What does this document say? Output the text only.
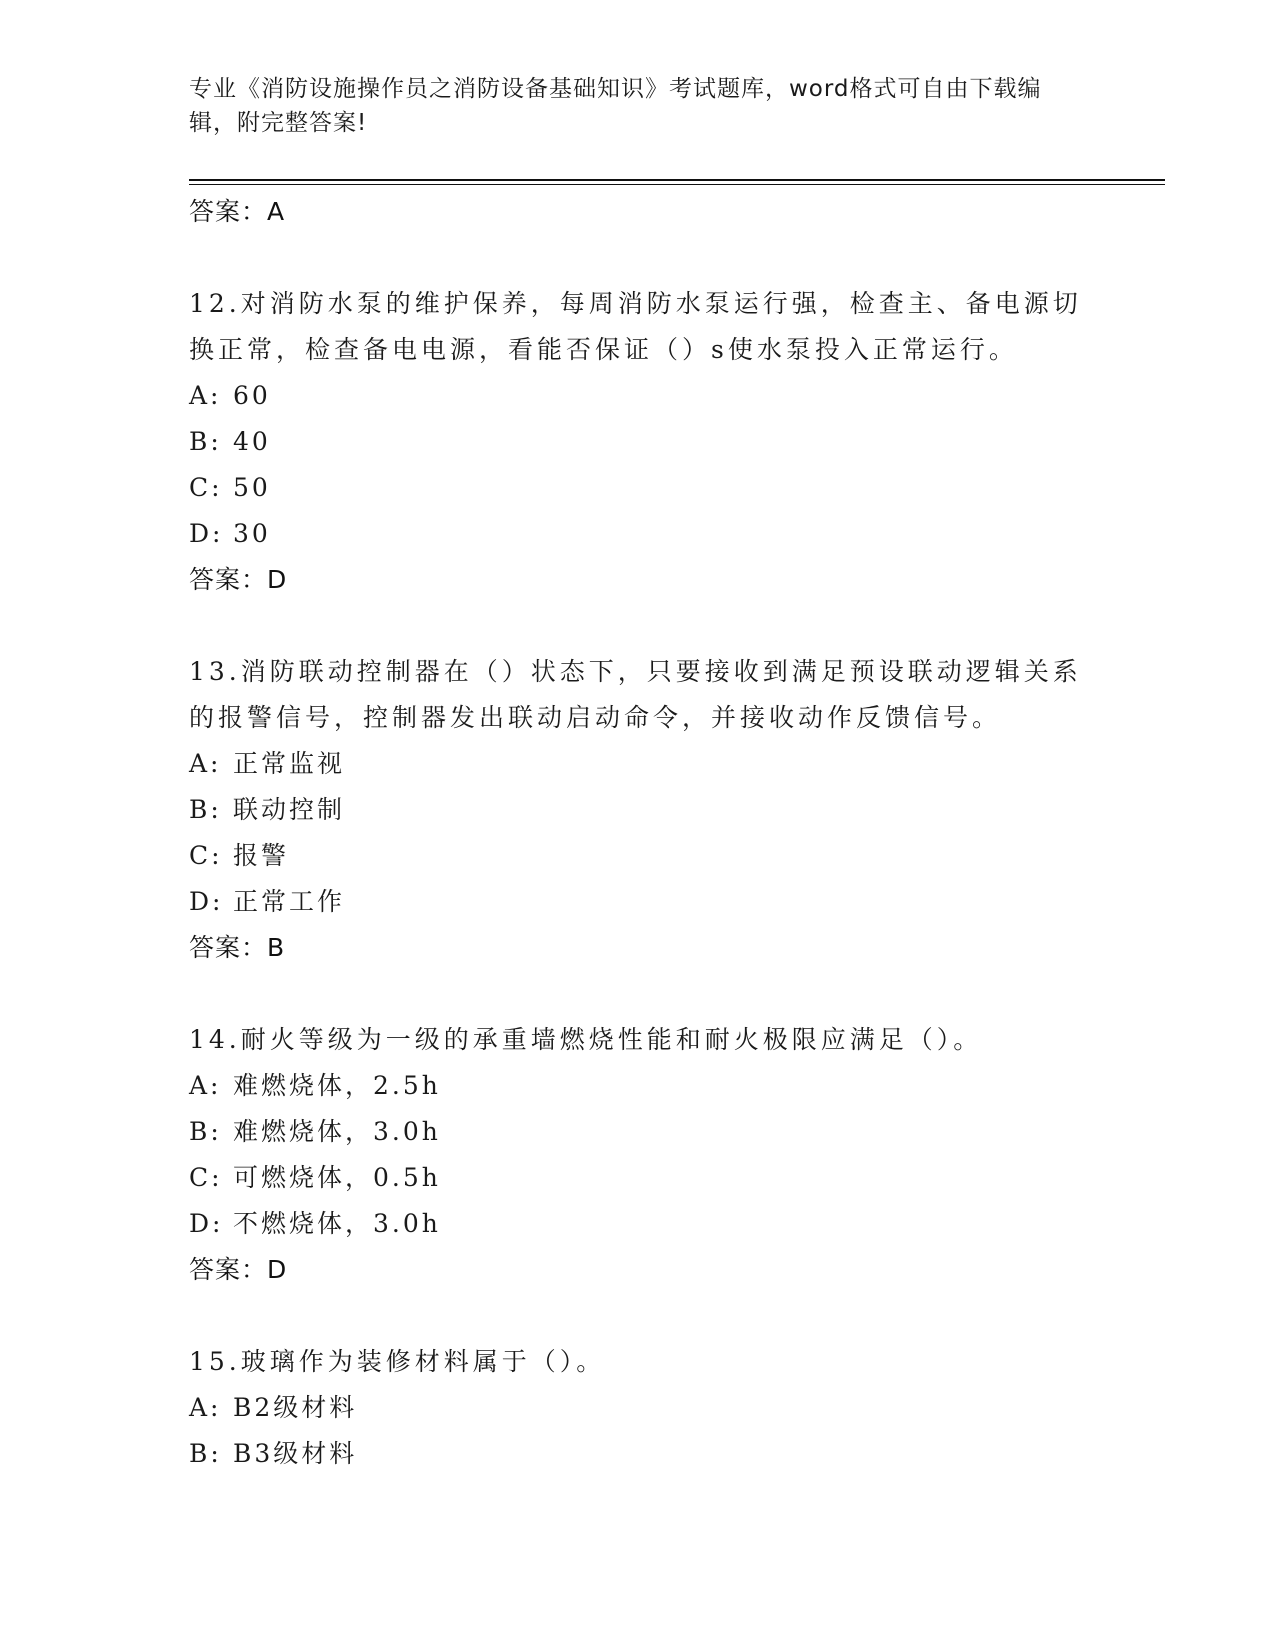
专业《消防设施操作员之消防设备基础知识》考试题库，word格式可自由下载编辑，附完整答案!
答案：A
12.对消防水泵的维护保养，每周消防水泵运行强，检查主、备电源切换正常，检查备电电源，看能否保证（）s使水泵投入正常运行。
A: 60
B: 40
C: 50
D: 30
答案：D
13.消防联动控制器在（）状态下，只要接收到满足预设联动逻辑关系的报警信号，控制器发出联动启动命令，并接收动作反馈信号。
A: 正常监视
B: 联动控制
C: 报警
D: 正常工作
答案：B
14.耐火等级为一级的承重墙燃烧性能和耐火极限应满足（）。
A: 难燃烧体，2.5h
B: 难燃烧体，3.0h
C: 可燃烧体，0.5h
D: 不燃烧体，3.0h
答案：D
15.玻璃作为装修材料属于（）。
A: B2级材料
B: B3级材料
